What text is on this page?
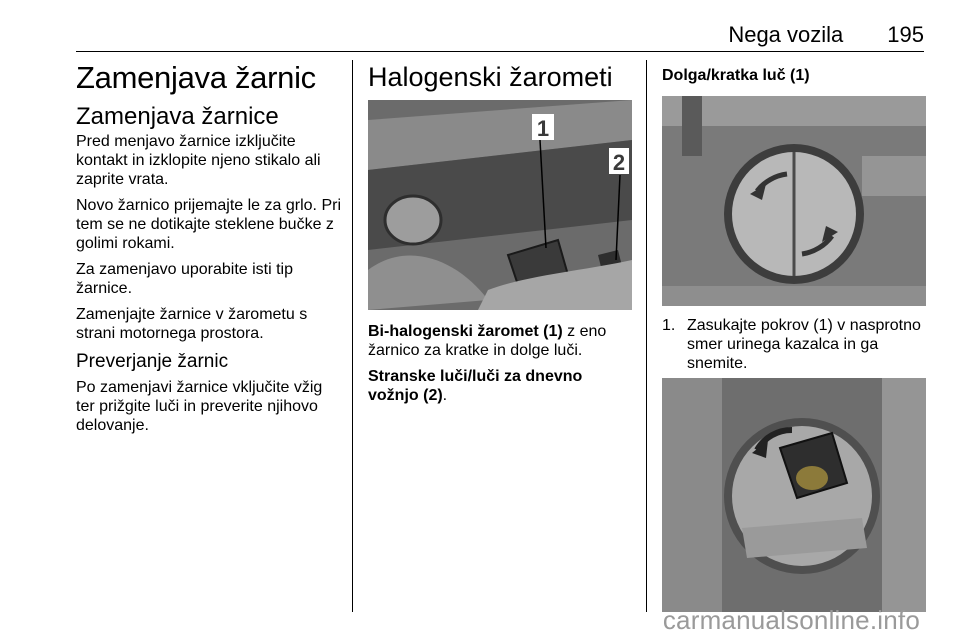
Nega vozila 195
Zamenjava žarnic
Zamenjava žarnice

Pred menjavo žarnice izključite kontakt in izklopite njeno stikalo ali zaprite vrata.

Novo žarnico prijemajte le za grlo. Pri tem se ne dotikajte steklene bučke z golimi rokami.

Za zamenjavo uporabite isti tip žarnice.

Zamenjajte žarnice v žarometu s strani motornega prostora.

Preverjanje žarnic

Po zamenjavi žarnice vključite vžig ter prižgite luči in preverite njihovo delovanje.

Halogenski žarometi
1
2

Bi-halogenski žaromet (1) z eno žarnico za kratke in dolge luči.

Stranske luči/luči za dnevno vožnjo (2).

Dolga/kratka luč (1)
1. Zasukajte pokrov (1) v nasprotno smer urinega kazalca in ga snemite.
carmanualsonline.info
